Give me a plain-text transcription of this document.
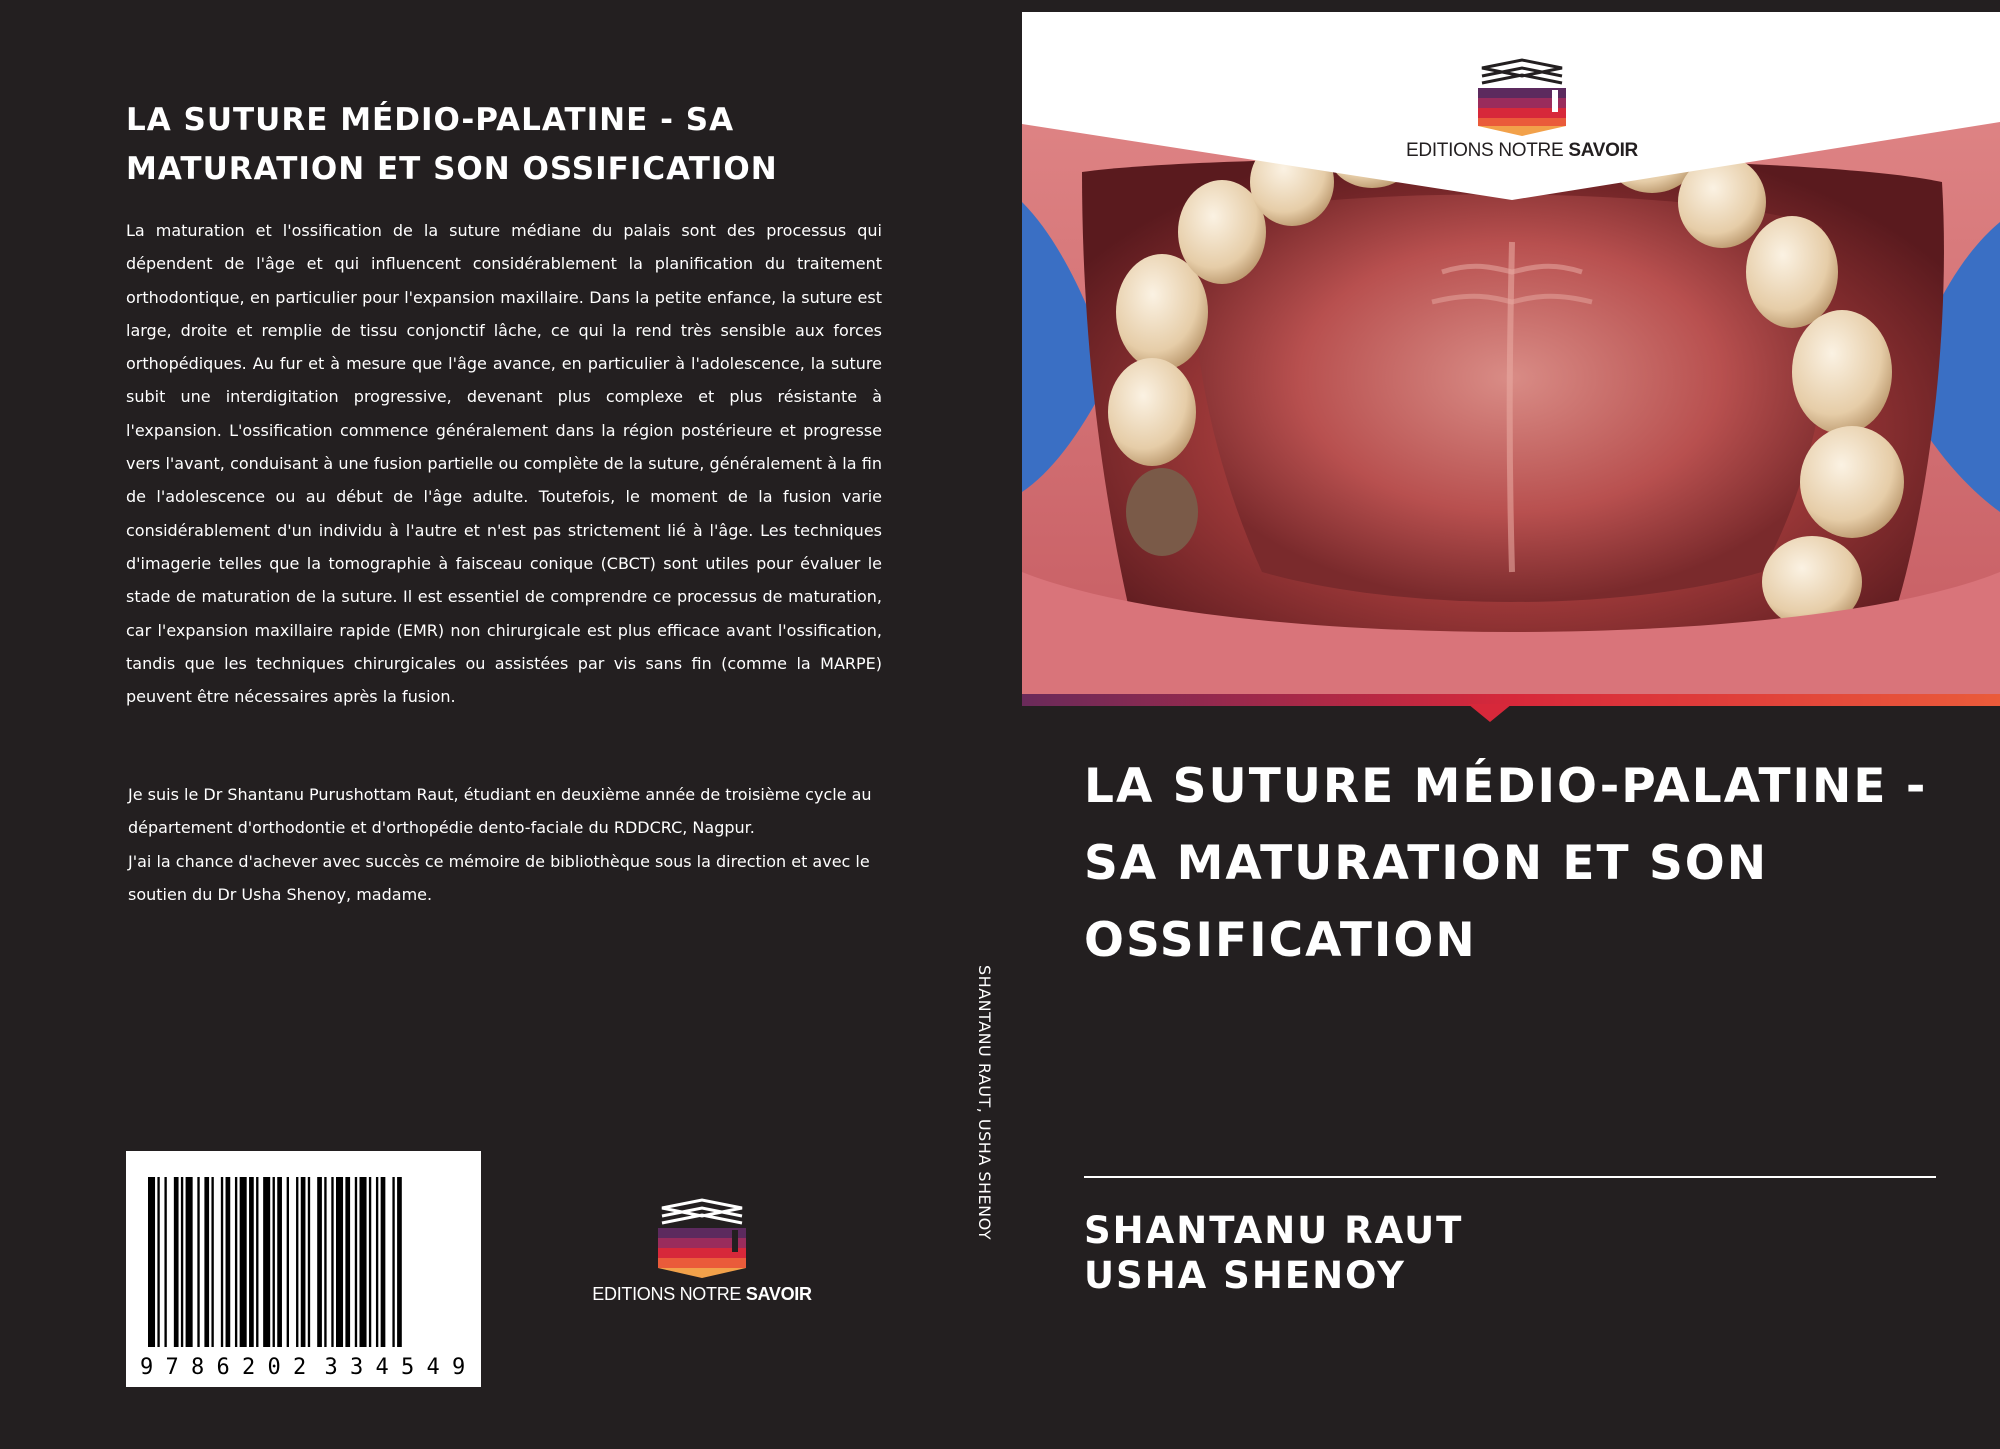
LA SUTURE MÉDIO-PALATINE - SA MATURATION ET SON OSSIFICATION
La maturation et l'ossification de la suture médiane du palais sont des processus qui dépendent de l'âge et qui influencent considérablement la planification du traitement orthodontique, en particulier pour l'expansion maxillaire. Dans la petite enfance, la suture est large, droite et remplie de tissu conjonctif lâche, ce qui la rend très sensible aux forces orthopédiques. Au fur et à mesure que l'âge avance, en particulier à l'adolescence, la suture subit une interdigitation progressive, devenant plus complexe et plus résistante à l'expansion. L'ossification commence généralement dans la région postérieure et progresse vers l'avant, conduisant à une fusion partielle ou complète de la suture, généralement à la fin de l'adolescence ou au début de l'âge adulte. Toutefois, le moment de la fusion varie considérablement d'un individu à l'autre et n'est pas strictement lié à l'âge. Les techniques d'imagerie telles que la tomographie à faisceau conique (CBCT) sont utiles pour évaluer le stade de maturation de la suture. Il est essentiel de comprendre ce processus de maturation, car l'expansion maxillaire rapide (EMR) non chirurgicale est plus efficace avant l'ossification, tandis que les techniques chirurgicales ou assistées par vis sans fin (comme la MARPE) peuvent être nécessaires après la fusion.

Je suis le Dr Shantanu Purushottam Raut, étudiant en deuxième année de troisième cycle au département d'orthodontie et d'orthopédie dento-faciale du RDDCRC, Nagpur.

J'ai la chance d'achever avec succès ce mémoire de bibliothèque sous la direction et avec le soutien du Dr Usha Shenoy, madame.

9 7 8 6 2 0 2 3 3 4 5 4 9
EDITIONS NOTRE SAVOIR
SHANTANU RAUT, USHA SHENOY
EDITIONS NOTRE SAVOIR
LA SUTURE MÉDIO-PALATINE - SA MATURATION ET SON OSSIFICATION
SHANTANU RAUT
USHA SHENOY
